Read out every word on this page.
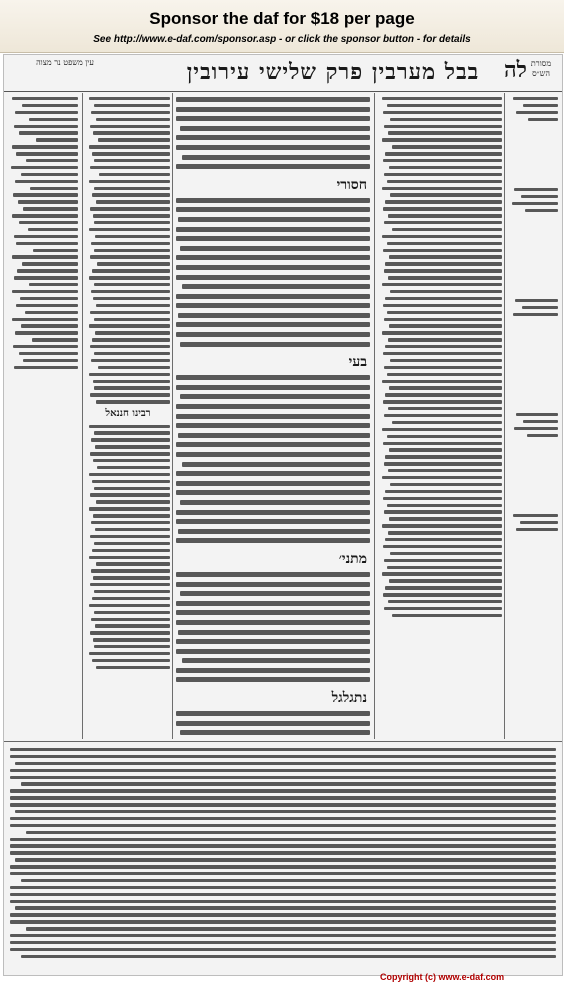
Sponsor the daf for $18 per page
See http://www.e-daf.com/sponsor.asp - or click the sponsor button - for details
עין משפט נר מצוה	בבל מערבין פרק שלישי עירובין	לה מסורת הש״ס
רבינו חננאל
חסורי
בעי
מתני׳
נתגלגל
Copyright (c) www.e-daf.com
